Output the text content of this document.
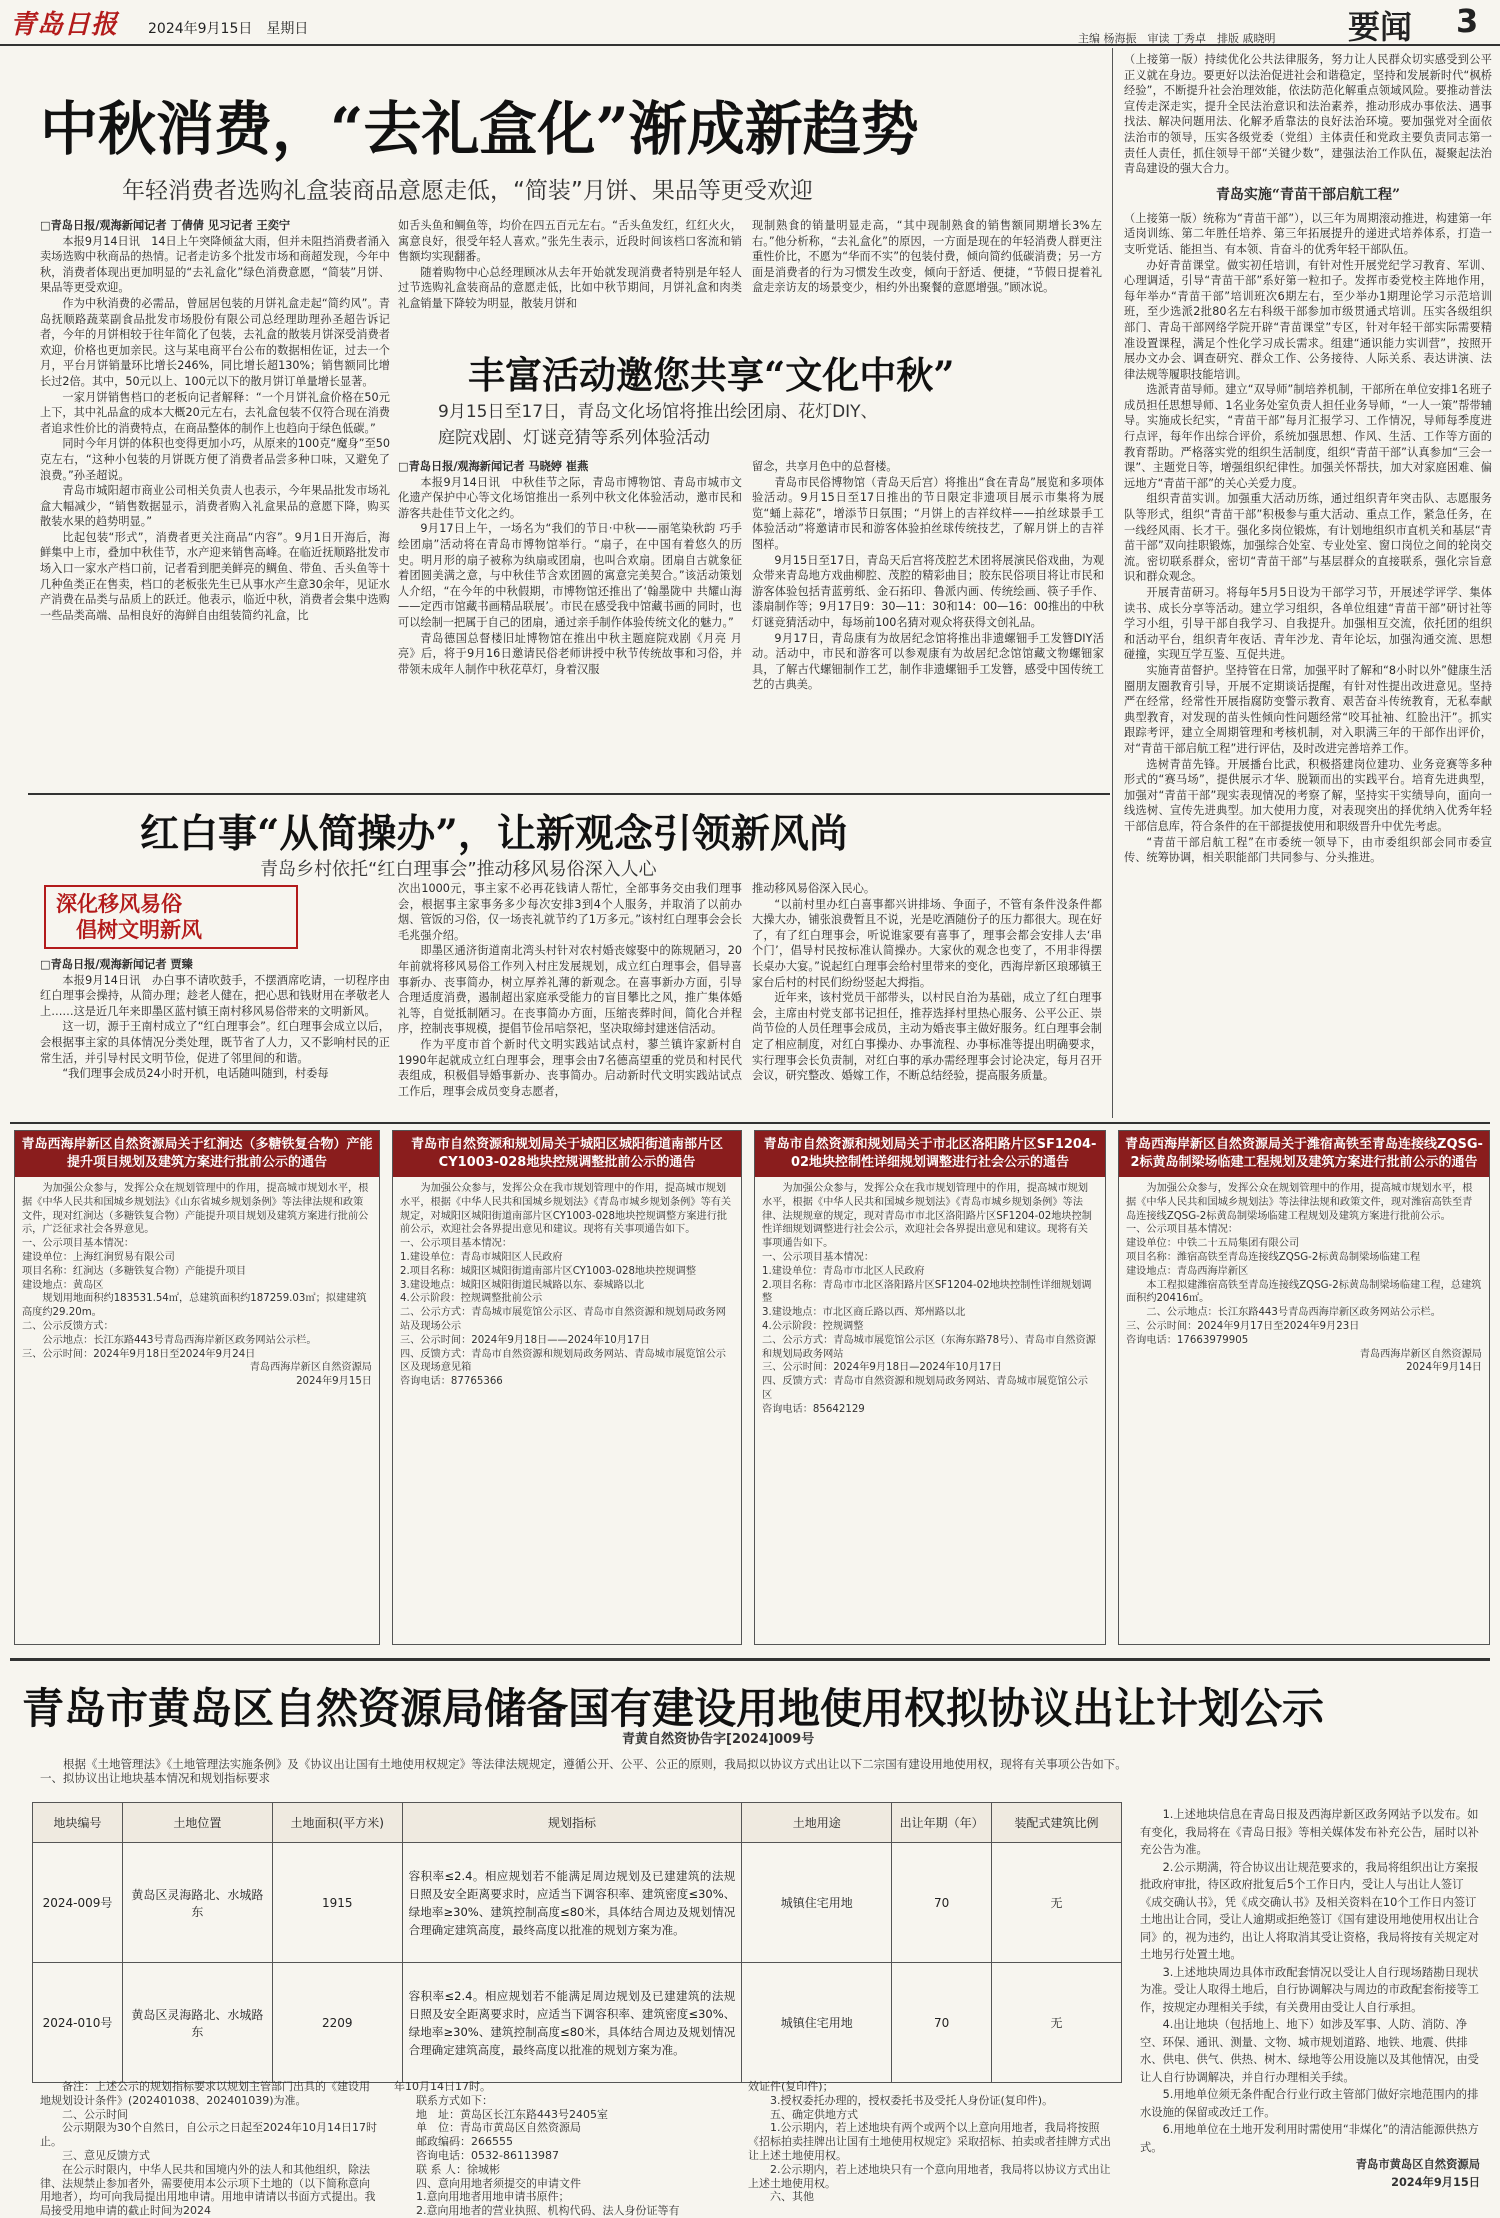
青岛日报 2024年9月15日　星期日
主编 杨海振　审读 丁秀卓　排版 戚晓明 要闻 3
中秋消费，“去礼盒化”渐成新趋势
年轻消费者选购礼盒装商品意愿走低，“简装”月饼、果品等更受欢迎

□青岛日报/观海新闻记者 丁倩倩 见习记者 王奕宁

本报9月14日讯　14日上午突降倾盆大雨，但并未阻挡消费者涌入卖场选购中秋商品的热情。记者走访多个批发市场和商超发现，今年中秋，消费者体现出更加明显的“去礼盒化”绿色消费意愿，“简装”月饼、果品等更受欢迎。

作为中秋消费的必需品，曾屈居包装的月饼礼盒走起“简约风”。青岛抚顺路蔬菜副食品批发市场股份有限公司总经理助理孙圣超告诉记者，今年的月饼相较于往年简化了包装，去礼盒的散装月饼深受消费者欢迎，价格也更加亲民。这与某电商平台公布的数据相佐证，过去一个月，平台月饼销量环比增长246%，同比增长超130%；销售额同比增长过2倍。其中，50元以上、100元以下的散月饼订单量增长显著。

一家月饼销售档口的老板向记者解释：“一个月饼礼盒价格在50元上下，其中礼品盒的成本大概20元左右，去礼盒包装不仅符合现在消费者追求性价比的消费特点，在商品整体的制作上也趋向于绿色低碳。”

同时今年月饼的体积也变得更加小巧，从原来的100克“魔身”至50克左右，“这种小包装的月饼既方便了消费者品尝多种口味，又避免了浪费。”孙圣超说。

青岛市城阳超市商业公司相关负责人也表示，今年果品批发市场礼盒大幅减少，“销售数据显示，消费者购入礼盒果品的意愿下降，购买散装水果的趋势明显。”

比起包装“形式”，消费者更关注商品“内容”。9月1日开海后，海鲜集中上市，叠加中秋佳节，水产迎来销售高峰。在临近抚顺路批发市场入口一家水产档口前，记者看到肥美鲜亮的鲷鱼、带鱼、舌头鱼等十几种鱼类正在售卖，档口的老板张先生已从事水产生意30余年，见证水产消费在品类与品质上的跃迁。他表示，临近中秋，消费者会集中选购一些品类高端、品相良好的海鲜自由组装简约礼盒，比

如舌头鱼和鲷鱼等，均价在四五百元左右。“舌头鱼发红，红红火火，寓意良好，很受年轻人喜欢。”张先生表示，近段时间该档口客流和销售额均实现翻番。

随着购物中心总经理顾冰从去年开始就发现消费者特别是年轻人过节选购礼盒装商品的意愿走低，比如中秋节期间，月饼礼盒和肉类礼盒销量下降较为明显，散装月饼和

现制熟食的销量明显走高，“其中现制熟食的销售额同期增长3%左右。”他分析称，“去礼盒化”的原因，一方面是现在的年轻消费人群更注重性价比，不愿为“华而不实”的包装付费，倾向简约低碳消费；另一方面是消费者的行为习惯发生改变，倾向于舒适、便捷，“节假日提着礼盒走亲访友的场景变少，相约外出聚餐的意愿增强。”顾冰说。

丰富活动邀您共享“文化中秋”
9月15日至17日，青岛文化场馆将推出绘团扇、花灯DIY、
庭院戏剧、灯谜竞猜等系列体验活动

□青岛日报/观海新闻记者 马晓婷 崔燕

本报9月14日讯　中秋佳节之际，青岛市博物馆、青岛市城市文化遗产保护中心等文化场馆推出一系列中秋文化体验活动，邀市民和游客共赴佳节文化之约。

9月17日上午，一场名为“我们的节日·中秋——丽笔染秋韵 巧手绘团扇”活动将在青岛市博物馆举行。“扇子，在中国有着悠久的历史。明月形的扇子被称为纨扇或团扇，也叫合欢扇。团扇自古就象征着团圆美满之意，与中秋佳节含欢团圆的寓意完美契合。”该活动策划人介绍，“在今年的中秋假期，市博物馆还推出了‘翰墨陇中 共耀山海——定西市馆藏书画精品联展’。市民在感受我中馆藏书画的同时，也可以绘制一把属于自己的团扇，通过亲手制作体验传统文化的魅力。”

青岛德国总督楼旧址博物馆在推出中秋主题庭院戏剧《月亮 月亮》后，将于9月16日邀请民俗老师讲授中秋节传统故事和习俗，并带领未成年人制作中秋花草灯，身着汉服

留念，共享月色中的总督楼。

青岛市民俗博物馆（青岛天后宫）将推出“食在青岛”展览和多项体验活动。9月15日至17日推出的节日限定非遗项目展示市集将为展览“蛹上蒜花”，增添节日氛围；“月饼上的吉祥纹样——拍丝球景手工体验活动”将邀请市民和游客体验拍丝球传统技艺，了解月饼上的吉祥图样。

9月15日至17日，青岛天后宫将茂腔艺术团将展演民俗戏曲，为观众带来青岛地方戏曲柳腔、茂腔的精彩曲目；胶东民俗项目将让市民和游客体验包括青蓝剪纸、金石拓印、鲁派内画、传统绘画、筷子手作、漆扇制作等；9月17日9：30—11：30和14：00—16：00推出的中秋灯谜竞猜活动中，每场前100名猜对观众将获得文创礼品。

9月17日，青岛康有为故居纪念馆将推出非遗螺钿手工发簪DIY活动。活动中，市民和游客可以参观康有为故居纪念馆馆藏文物螺钿家具，了解古代螺钿制作工艺，制作非遗螺钿手工发簪，感受中国传统工艺的古典美。

红白事“从简操办”，让新观念引领新风尚
青岛乡村依托“红白理事会”推动移风易俗深入人心
深化移风易俗
倡树文明新风

□青岛日报/观海新闻记者 贾臻

本报9月14日讯　办白事不请吹鼓手，不摆酒席吃请，一切程序由红白理事会操持，从简办理；趁老人健在，把心思和钱财用在孝敬老人上……这是近几年来即墨区蓝村镇王南村移风易俗带来的文明新风。

这一切，源于王南村成立了“红白理事会”。红白理事会成立以后，会根据事主家的具体情况分类处理，既节省了人力，又不影响村民的正常生活，并引导村民文明节俭，促进了邻里间的和谐。

“我们理事会成员24小时开机，电话随叫随到，村委每

次出1000元，事主家不必再花钱请人帮忙，全部事务交由我们理事会，根据事主家事务多少每次安排3到4个人服务，并取消了以前办烟、管饭的习俗，仅一场丧礼就节约了1万多元。”该村红白理事会会长毛兆强介绍。

即墨区通济街道南北湾头村针对农村婚丧嫁娶中的陈规陋习，20年前就将移风易俗工作列入村庄发展规划，成立红白理事会，倡导喜事新办、丧事简办，树立厚养礼薄的新观念。在喜事新办方面，引导合理适度消费，遏制超出家庭承受能力的盲目攀比之风，推广集体婚礼等，自觉抵制陋习。在丧事简办方面，压缩丧葬时间，简化合并程序，控制丧事规模，提倡节俭吊唁祭祀，坚决取缔封建迷信活动。

作为平度市首个新时代文明实践站试点村，蓼兰镇许家新村自1990年起就成立红白理事会，理事会由7名德高望重的党员和村民代表组成，积极倡导婚事新办、丧事简办。启动新时代文明实践站试点工作后，理事会成员变身志愿者，

推动移风易俗深入民心。

“以前村里办红白喜事都兴讲排场、争面子，不管有条件没条件都大操大办，铺张浪费暂且不说，光是吃酒随份子的压力都很大。现在好了，有了红白理事会，听说谁家要有喜事了，理事会都会安排人去‘串个门’，倡导村民按标准认简操办。大家伙的观念也变了，不用非得摆长桌办大宴。”说起红白理事会给村里带来的变化，西海岸新区琅琊镇王家台后村的村民们纷纷竖起大拇指。

近年来，该村党员干部带头，以村民自治为基础，成立了红白理事会，主席由村党支部书记担任，推荐选择村里热心服务、公平公正、崇尚节俭的人员任理事会成员，主动为婚丧事主做好服务。红白理事会制定了相应制度，对红白事操办、办事流程、办事标准等提出明确要求，实行理事会长负责制，对红白事的承办需经理事会讨论决定，每月召开会议，研究整改、婚嫁工作，不断总结经验，提高服务质量。

（上接第一版）持续优化公共法律服务，努力让人民群众切实感受到公平正义就在身边。要更好以法治促进社会和谐稳定，坚持和发展新时代“枫桥经验”，不断提升社会治理效能，依法防范化解重点领域风险。要推动普法宣传走深走实，提升全民法治意识和法治素养，推动形成办事依法、遇事找法、解决问题用法、化解矛盾靠法的良好法治环境。要加强党对全面依法治市的领导，压实各级党委（党组）主体责任和党政主要负责同志第一责任人责任，抓住领导干部“关键少数”，建强法治工作队伍，凝聚起法治青岛建设的强大合力。

青岛实施“青苗干部启航工程”

（上接第一版）统称为“青苗干部”），以三年为周期滚动推进，构建第一年适岗训练、第二年胜任培养、第三年拓展提升的递进式培养体系，打造一支听党话、能担当、有本领、肯奋斗的优秀年轻干部队伍。

办好青苗课堂。做实初任培训，有针对性开展党纪学习教育、军训、心理调适，引导“青苗干部”系好第一粒扣子。发挥市委党校主阵地作用，每年举办“青苗干部”培训班次6期左右，至少举办1期理论学习示范培训班，至少选派2批80名左右科级干部参加市级贯通式培训。压实各级组织部门、青岛干部网络学院开辟“青苗课堂”专区，针对年轻干部实际需要精准设置课程，满足个性化学习成长需求。组建“通识能力实训营”，按照开展办文办会、调查研究、群众工作、公务接待、人际关系、表达讲演、法律法规等履职技能培训。

选派青苗导师。建立“双导师”制培养机制，干部所在单位安排1名班子成员担任思想导师、1名业务处室负责人担任业务导师，“一人一策”帮带辅导。实施成长纪实，“青苗干部”每月汇报学习、工作情况，导师每季度进行点评，每年作出综合评价，系统加强思想、作风、生活、工作等方面的教育帮助。严格落实党的组织生活制度，组织“青苗干部”认真参加“三会一课”、主题党日等，增强组织纪律性。加强关怀帮扶，加大对家庭困难、偏远地方“青苗干部”的关心关爱力度。

组织青苗实训。加强重大活动历练，通过组织青年突击队、志愿服务队等形式，组织“青苗干部”积极参与重大活动、重点工作，紧急任务，在一线经风雨、长才干。强化多岗位锻炼，有计划地组织市直机关和基层“青苗干部”双向挂职锻炼，加强综合处室、专业处室、窗口岗位之间的轮岗交流。密切联系群众，密切“青苗干部”与基层群众的直接联系，强化宗旨意识和群众观念。

开展青苗研习。将每年5月5日设为干部学习节，开展述学评学、集体读书、成长分享等活动。建立学习组织，各单位组建“青苗干部”研讨社等学习小组，引导干部自我学习、自我提升。加强相互交流，依托团的组织和活动平台，组织青年夜话、青年沙龙、青年论坛，加强沟通交流、思想碰撞，实现互学互鉴、互促共进。

实施青苗督护。坚持管在日常，加强平时了解和“8小时以外”健康生活圈朋友圈教育引导，开展不定期谈话提醒，有针对性提出改进意见。坚持严在经常，经常性开展指腐防变警示教育、艰苦奋斗传统教育，无私奉献典型教育，对发现的苗头性倾向性问题经常“咬耳扯袖、红脸出汗”。抓实跟踪考评，建立全周期管理和考核机制，对入职满三年的干部作出评价，对“青苗干部启航工程”进行评估，及时改进完善培养工作。

选树青苗先锋。开展播台比武，积极搭建岗位建功、业务竞赛等多种形式的“赛马场”，提供展示才华、脱颖而出的实践平台。培育先进典型，加强对“青苗干部”现实表现情况的考察了解，坚持实干实绩导向，面向一线选树、宣传先进典型。加大使用力度，对表现突出的择优纳入优秀年轻干部信息库，符合条件的在干部提拔使用和职级晋升中优先考虑。

“青苗干部启航工程”在市委统一领导下，由市委组织部会同市委宣传、统筹协调，相关职能部门共同参与、分头推进。

青岛西海岸新区自然资源局关于红涧达（多糖铁复合物）产能提升项目规划及建筑方案进行批前公示的通告

为加强公众参与，发挥公众在规划管理中的作用，提高城市规划水平，根据《中华人民共和国城乡规划法》《山东省城乡规划条例》等法律法规和政策文件，现对红涧达（多糖铁复合物）产能提升项目规划及建筑方案进行批前公示，广泛征求社会各界意见。

一、公示项目基本情况：

建设单位：上海红涧贸易有限公司

项目名称：红涧达（多糖铁复合物）产能提升项目

建设地点：黄岛区

规划用地面积约183531.54㎡，总建筑面积约187259.03㎡；拟建建筑高度约29.20m。

二、公示反馈方式：

公示地点：长江东路443号青岛西海岸新区政务网站公示栏。

三、公示时间：2024年9月18日至2024年9月24日

青岛西海岸新区自然资源局

2024年9月15日

青岛市自然资源和规划局关于城阳区城阳街道南部片区CY1003-028地块控规调整批前公示的通告

为加强公众参与，发挥公众在我市规划管理中的作用，提高城市规划水平，根据《中华人民共和国城乡规划法》《青岛市城乡规划条例》等有关规定，对城阳区城阳街道南部片区CY1003-028地块控规调整方案进行批前公示，欢迎社会各界提出意见和建议。现将有关事项通告如下。

一、公示项目基本情况：

1.建设单位：青岛市城阳区人民政府

2.项目名称：城阳区城阳街道南部片区CY1003-028地块控规调整

3.建设地点：城阳区城阳街道民城路以东、泰城路以北

4.公示阶段：控规调整批前公示

二、公示方式：青岛城市展览馆公示区、青岛市自然资源和规划局政务网站及现场公示

三、公示时间：2024年9月18日——2024年10月17日

四、反馈方式：青岛市自然资源和规划局政务网站、青岛城市展览馆公示区及现场意见箱

咨询电话：87765366

青岛市自然资源和规划局关于市北区洛阳路片区SF1204-02地块控制性详细规划调整进行社会公示的通告

为加强公众参与，发挥公众在我市规划管理中的作用，提高城市规划水平，根据《中华人民共和国城乡规划法》《青岛市城乡规划条例》等法律、法规规章的规定，现对青岛市市北区洛阳路片区SF1204-02地块控制性详细规划调整进行社会公示，欢迎社会各界提出意见和建议。现将有关事项通告如下。

一、公示项目基本情况：

1.建设单位：青岛市市北区人民政府

2.项目名称：青岛市市北区洛阳路片区SF1204-02地块控制性详细规划调整

3.建设地点：市北区商丘路以西、郑州路以北

4.公示阶段：控规调整

二、公示方式：青岛城市展览馆公示区（东海东路78号）、青岛市自然资源和规划局政务网站

三、公示时间：2024年9月18日—2024年10月17日

四、反馈方式：青岛市自然资源和规划局政务网站、青岛城市展览馆公示区

咨询电话：85642129

青岛西海岸新区自然资源局关于潍宿高铁至青岛连接线ZQSG-2标黄岛制梁场临建工程规划及建筑方案进行批前公示的通告

为加强公众参与，发挥公众在规划管理中的作用，提高城市规划水平，根据《中华人民共和国城乡规划法》等法律法规和政策文件，现对潍宿高铁至青岛连接线ZQSG-2标黄岛制梁场临建工程规划及建筑方案进行批前公示。

一、公示项目基本情况：

建设单位：中铁二十五局集团有限公司

项目名称：潍宿高铁至青岛连接线ZQSG-2标黄岛制梁场临建工程

建设地点：青岛西海岸新区

本工程拟建潍宿高铁至青岛连接线ZQSG-2标黄岛制梁场临建工程，总建筑面积约20416㎡。

二、公示地点：长江东路443号青岛西海岸新区政务网站公示栏。

三、公示时间：2024年9月17日至2024年9月23日

咨询电话：17663979905

青岛西海岸新区自然资源局

2024年9月14日

青岛市黄岛区自然资源局储备国有建设用地使用权拟协议出让计划公示
青黄自然资协告字[2024]009号

根据《土地管理法》《土地管理法实施条例》及《协议出让国有土地使用权规定》等法律法规规定，遵循公开、公平、公正的原则，我局拟以协议方式出让以下二宗国有建设用地使用权，现将有关事项公告如下。

一、拟协议出让地块基本情况和规划指标要求

地块编号	土地位置	土地面积(平方米)	规划指标	土地用途	出让年期（年）	装配式建筑比例
2024-009号	黄岛区灵海路北、水城路东	1915	容积率≤2.4。相应规划若不能满足周边规划及已建建筑的法规日照及安全距离要求时，应适当下调容积率、建筑密度≤30%、绿地率≥30%、建筑控制高度≤80米，具体结合周边及规划情况合理确定建筑高度，最终高度以批准的规划方案为准。	城镇住宅用地	70	无
2024-010号	黄岛区灵海路北、水城路东	2209	容积率≤2.4。相应规划若不能满足周边规划及已建建筑的法规日照及安全距离要求时，应适当下调容积率、建筑密度≤30%、绿地率≥30%、建筑控制高度≤80米，具体结合周边及规划情况合理确定建筑高度，最终高度以批准的规划方案为准。	城镇住宅用地	70	无

备注：上述公示的规划指标要求以规划主管部门出具的《建设用地规划设计条件》(202401038、202401039)为准。

二、公示时间

公示期限为30个自然日，自公示之日起至2024年10月14日17时止。

三、意见反馈方式

在公示时限内，中华人民共和国境内外的法人和其他组织，除法律、法规禁止参加者外，需要使用本公示项下土地的（以下简称意向用地者），均可向我局提出用地申请。用地申请请以书面方式提出。我局接受用地申请的截止时间为2024

年10月14日17时。

联系方式如下：

地　址：黄岛区长江东路443号2405室

单　位：青岛市黄岛区自然资源局

邮政编码：266555

咨询电话：0532-86113987

联 系 人：徐城彬

四、意向用地者须提交的申请文件

1.意向用地者用地申请书原件；

2.意向用地者的营业执照、机构代码、法人身份证等有

效证件(复印件)；

3.授权委托办理的，授权委托书及受托人身份证(复印件)。

五、确定供地方式

1.公示期内，若上述地块有两个或两个以上意向用地者，我局将按照《招标拍卖挂牌出让国有土地使用权规定》采取招标、拍卖或者挂牌方式出让上述土地使用权。

2.公示期内，若上述地块只有一个意向用地者，我局将以协议方式出让上述土地使用权。

六、其他

1.上述地块信息在青岛日报及西海岸新区政务网站予以发布。如有变化，我局将在《青岛日报》等相关媒体发布补充公告，届时以补充公告为准。

2.公示期满，符合协议出让规范要求的，我局将组织出让方案报批政府审批，待区政府批复后5个工作日内，受让人与出让人签订《成交确认书》，凭《成交确认书》及相关资料在10个工作日内签订土地出让合同，受让人逾期或拒绝签订《国有建设用地使用权出让合同》的，视为违约，出让人将取消其受让资格，我局将按有关规定对土地另行处置土地。

3.上述地块周边具体市政配套情况以受让人自行现场踏勘日现状为准。受让人取得土地后，自行协调解决与周边的市政配套衔接等工作，按规定办理相关手续，有关费用由受让人自行承担。

4.出让地块（包括地上、地下）如涉及军事、人防、消防、净空、环保、通讯、测量、文物、城市规划道路、地铁、地震、供排水、供电、供气、供热、树木、绿地等公用设施以及其他情况，由受让人自行协调解决，并自行办理相关手续。

5.用地单位须无条件配合行业行政主管部门做好宗地范围内的排水设施的保留或改迁工作。

6.用地单位在土地开发利用时需使用“非煤化”的清洁能源供热方式。

青岛市黄岛区自然资源局

2024年9月15日
